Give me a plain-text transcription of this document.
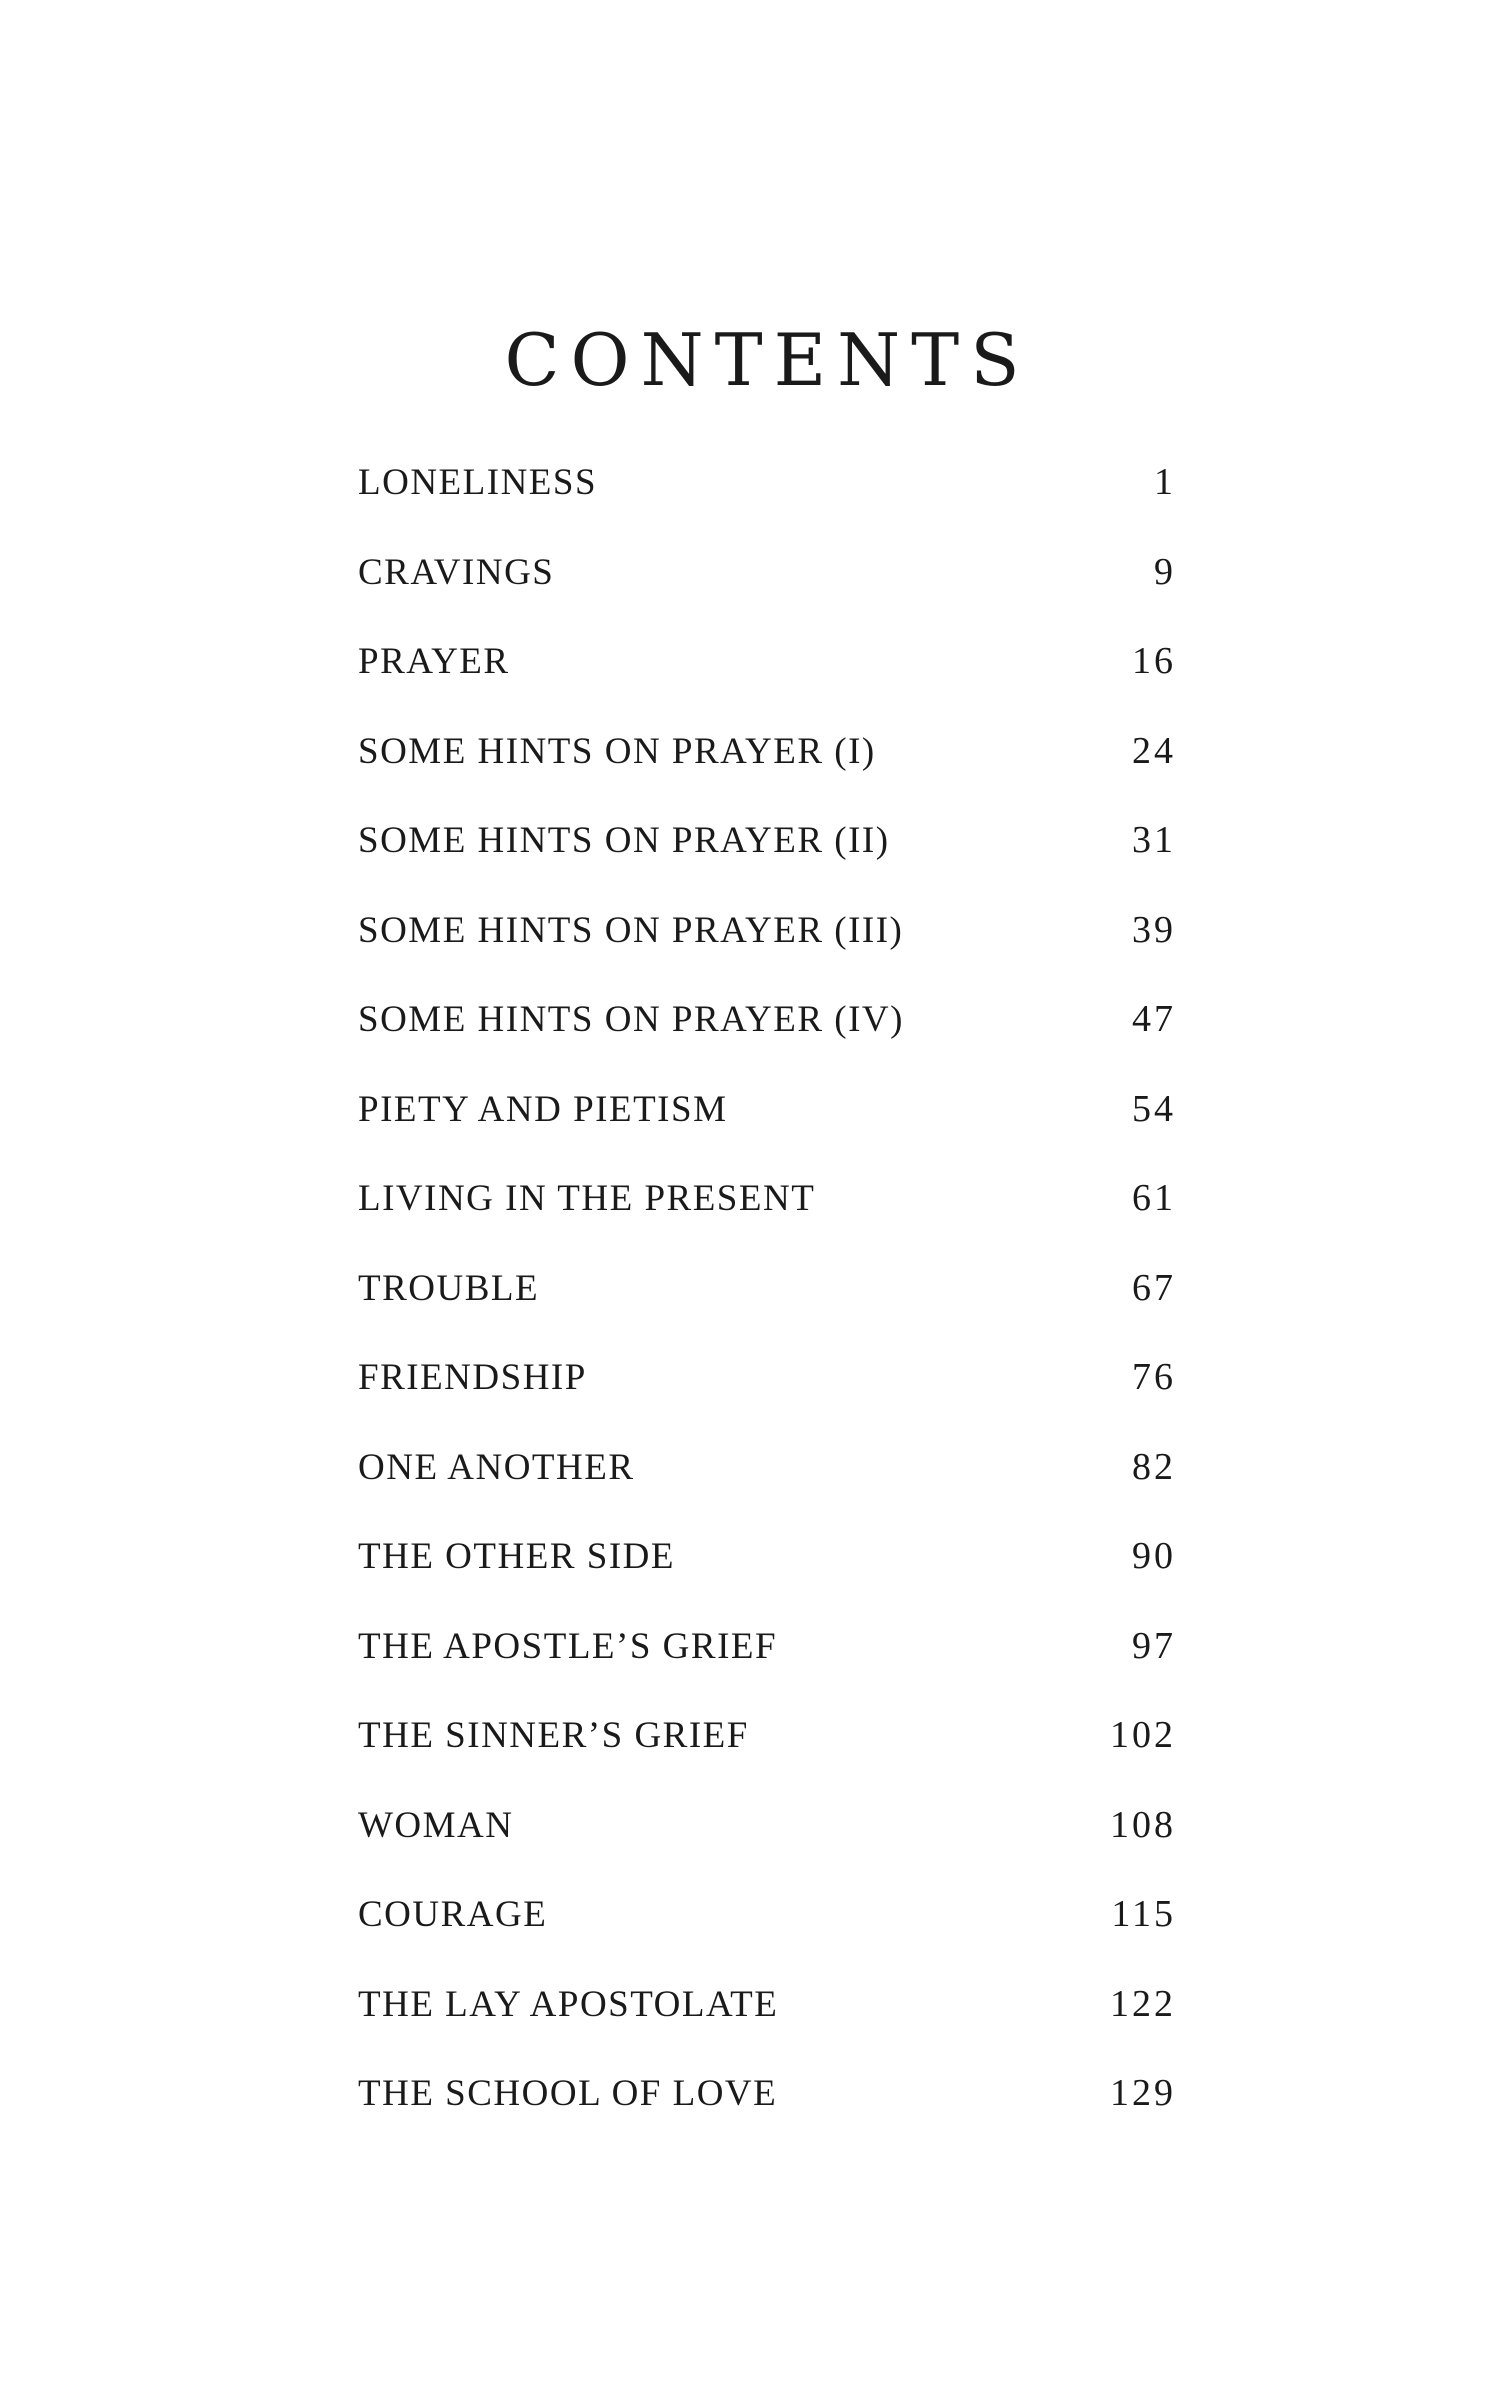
CONTENTS
LONELINESS	1
CRAVINGS	9
PRAYER	16
SOME HINTS ON PRAYER (I)	24
SOME HINTS ON PRAYER (II)	31
SOME HINTS ON PRAYER (III)	39
SOME HINTS ON PRAYER (IV)	47
PIETY AND PIETISM	54
LIVING IN THE PRESENT	61
TROUBLE	67
FRIENDSHIP	76
ONE ANOTHER	82
THE OTHER SIDE	90
THE APOSTLE’S GRIEF	97
THE SINNER’S GRIEF	102
WOMAN	108
COURAGE	115
THE LAY APOSTOLATE	122
THE SCHOOL OF LOVE	129
